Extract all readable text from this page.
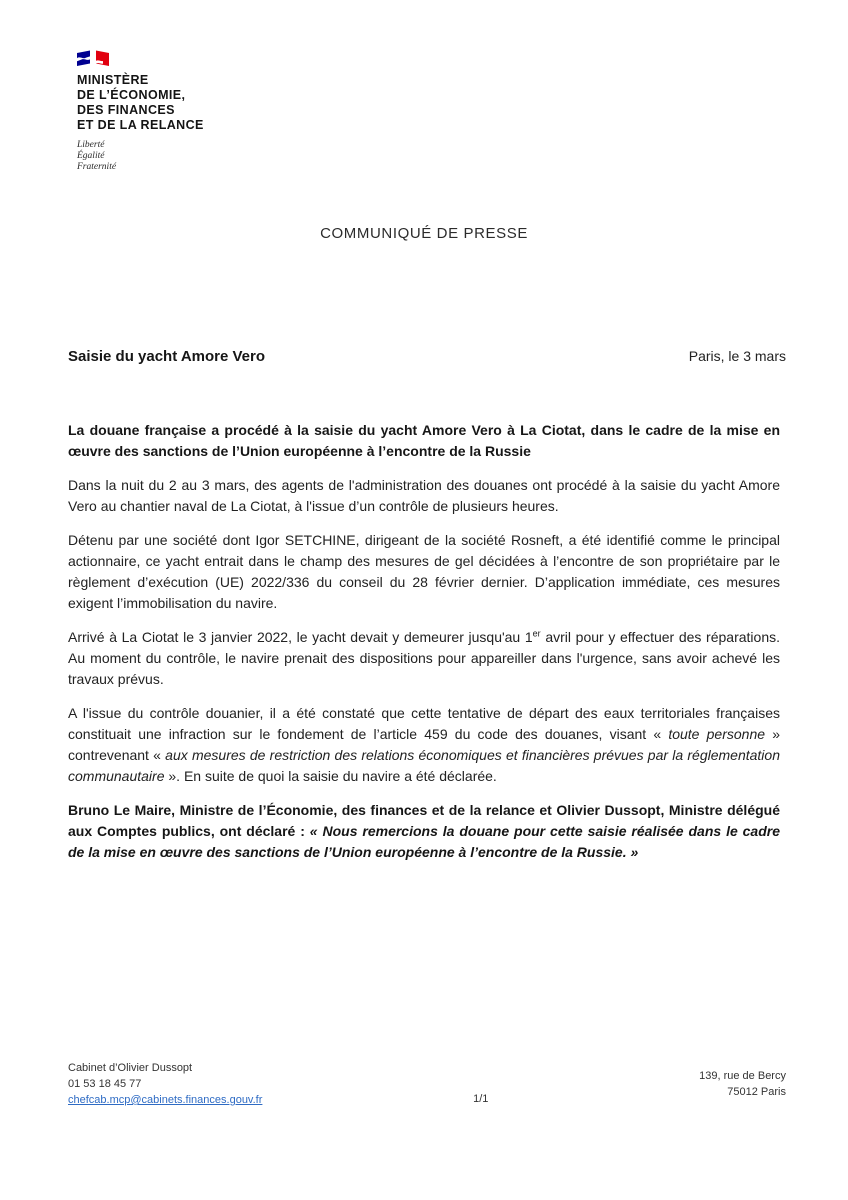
MINISTÈRE
DE L’ÉCONOMIE,
DES FINANCES
ET DE LA RELANCE
Liberté
Égalité
Fraternité
COMMUNIQUÉ DE PRESSE
Saisie du yacht Amore Vero	Paris, le 3 mars

La douane française a procédé à la saisie du yacht Amore Vero à La Ciotat, dans le cadre de la mise en œuvre des sanctions de l’Union européenne à l’encontre de la Russie

Dans la nuit du 2 au 3 mars, des agents de l'administration des douanes ont procédé à la saisie du yacht Amore Vero au chantier naval de La Ciotat, à l'issue d’un contrôle de plusieurs heures.

Détenu par une société dont Igor SETCHINE, dirigeant de la société Rosneft, a été identifié comme le principal actionnaire, ce yacht entrait dans le champ des mesures de gel décidées à l’encontre de son propriétaire par le règlement d’exécution (UE) 2022/336 du conseil du 28 février dernier. D’application immédiate, ces mesures exigent l’immobilisation du navire.

Arrivé à La Ciotat le 3 janvier 2022, le yacht devait y demeurer jusqu'au 1er avril pour y effectuer des réparations. Au moment du contrôle, le navire prenait des dispositions pour appareiller dans l'urgence, sans avoir achevé les travaux prévus.

A l'issue du contrôle douanier, il a été constaté que cette tentative de départ des eaux territoriales françaises constituait une infraction sur le fondement de l’article 459 du code des douanes, visant « toute personne » contrevenant « aux mesures de restriction des relations économiques et financières prévues par la réglementation communautaire ». En suite de quoi la saisie du navire a été déclarée.

Bruno Le Maire, Ministre de l’Économie, des finances et de la relance et Olivier Dussopt, Ministre délégué aux Comptes publics, ont déclaré : « Nous remercions la douane pour cette saisie réalisée dans le cadre de la mise en œuvre des sanctions de l’Union européenne à l’encontre de la Russie. »

Cabinet d’Olivier Dussopt
01 53 18 45 77
chefcab.mcp@cabinets.finances.gouv.fr	1/1
139, rue de Bercy
75012 Paris
